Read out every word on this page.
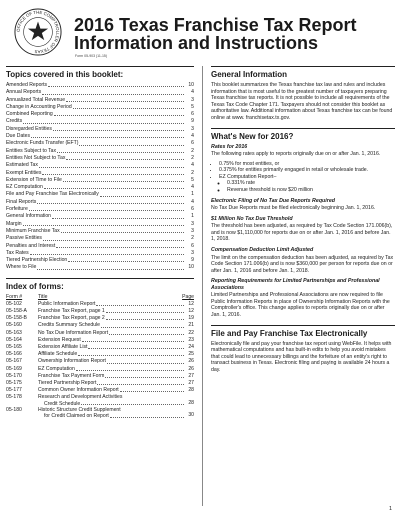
OFFICE OF THE COMPTROLLER OF TEXAS
2016 Texas Franchise Tax Report
Information and Instructions
Form 05-903 (11-15)
Topics covered in this booklet:
Amended Reports	10
Annual Reports	4
Annualized Total Revenue	3
Change in Accounting Period	5
Combined Reporting	6
Credits	9
Disregarded Entities	3
Due Dates	4
Electronic Funds Transfer (EFT)	6
Entities Subject to Tax	2
Entities Not Subject to Tax	2
Estimated Tax	4
Exempt Entities	2
Extension of Time to File	5
EZ Computation	4
File and Pay Franchise Tax Electronically	1
Final Reports	4
Forfeiture	6
General Information	1
Margin	3
Minimum Franchise Tax	3
Passive Entities	2
Penalties and Interest	6
Tax Rates	3
Tiered Partnership Election	9
Where to File	10
Index of forms:
Form #	Title	Page
05-102	Public Information Report	12
05-158-A	Franchise Tax Report, page 1	12
05-158-B	Franchise Tax Report, page 2	19
05-160	Credits Summary Schedule	21
05-163	No Tax Due Information Report	22
05-164	Extension Request	23
05-165	Extension Affiliate List	24
05-166	Affiliate Schedule	25
05-167	Ownership Information Report	26
05-169	EZ Computation	26
05-170	Franchise Tax Payment Form	27
05-175	Tiered Partnership Report	27
05-177	Common Owner Information Report	28
05-178	Research and Development Activities

Credit Schedule	28
05-180	Historic Structure Credit Supplement

for Credit Claimed on Report	30
General Information

This booklet summarizes the Texas franchise tax law and rules and includes information that is most useful to the greatest number of taxpayers preparing Texas franchise tax reports. It is not possible to include all requirements of the Texas Tax Code Chapter 171. Taxpayers should not consider this booklet as authoritative law. Additional information about Texas franchise tax can be found online at www. franchisetax.tx.gov.

What's New for 2016?
Rates for 2016

The following rates apply to reports originally due on or after Jan. 1, 2016.

• 0.75% for most entities, or
• 0.375% for entities primarily engaged in retail or wholesale trade.
• EZ Computation Report–
◦ 0.331% rate
◦ Revenue threshold is now $20 million
Electronic Filing of No Tax Due Reports Required

No Tax Due Reports must be filed electronically beginning Jan. 1, 2016.

$1 Million No Tax Due Threshold

The threshold has been adjusted, as required by Tax Code Section 171.006(b), and is now $1,110,000 for reports due on or after Jan. 1, 2016 and before Jan. 1, 2018.

Compensation Deduction Limit Adjusted

The limit on the compensation deduction has been adjusted, as required by Tax Code Section 171.006(b) and is now $360,000 per person for reports due on or after Jan. 1, 2016 and before Jan. 1, 2018.

Reporting Requirements for Limited Partnerships and Professional Associations

Limited Partnerships and Professional Associations are now required to file Public Information Reports in place of Ownership Information Reports with the Comptroller's office. This change applies to reports originally due on or after Jan. 1, 2016.

File and Pay Franchise Tax Electronically

Electronically file and pay your franchise tax report using WebFile. It helps with mathematical computations and has built-in edits to help you avoid mistakes that could lead to unnecessary billings and the forfeiture of an entity's right to transact business in Texas. Electronic filing and paying is available 24 hours a day.

1
